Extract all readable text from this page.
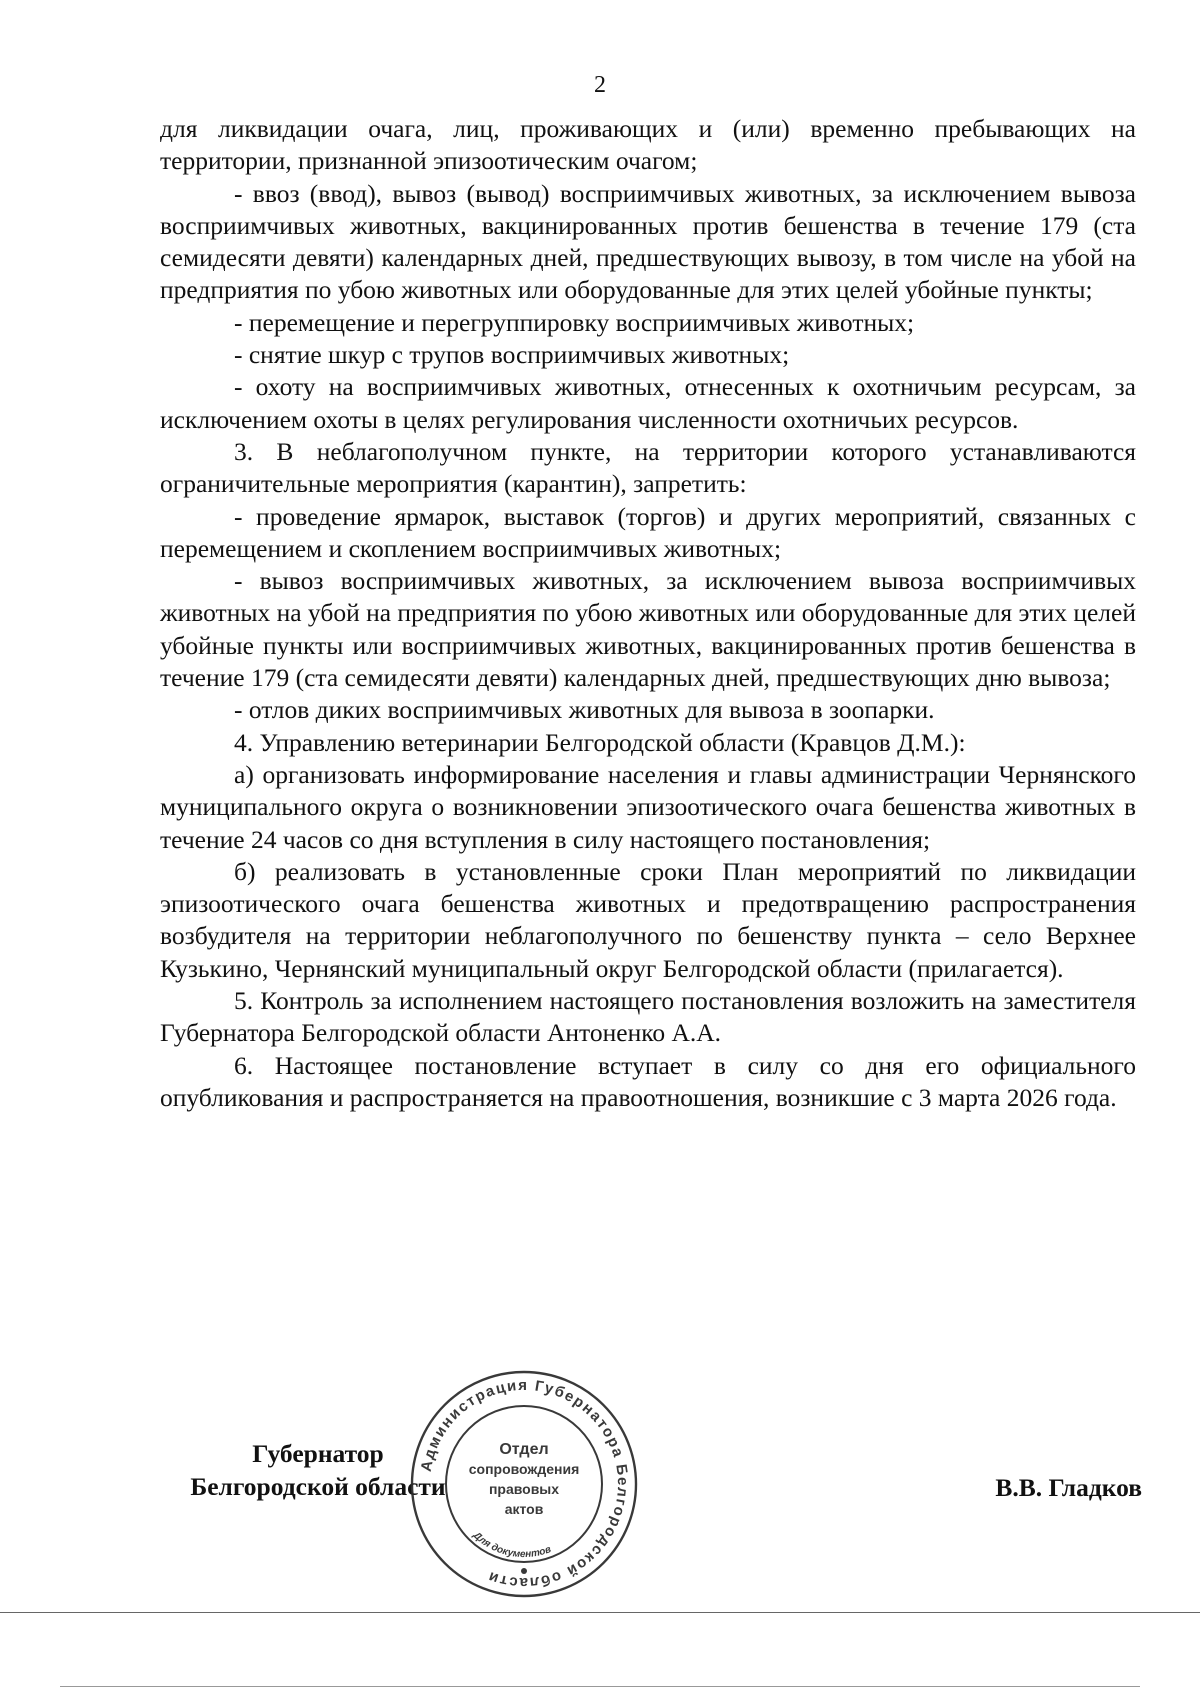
2

для ликвидации очага, лиц, проживающих и (или) временно пребывающих на территории, признанной эпизоотическим очагом;

- ввоз (ввод), вывоз (вывод) восприимчивых животных, за исключением вывоза восприимчивых животных, вакцинированных против бешенства в течение 179 (ста семидесяти девяти) календарных дней, предшествующих вывозу, в том числе на убой на предприятия по убою животных или оборудованные для этих целей убойные пункты;

- перемещение и перегруппировку восприимчивых животных;

- снятие шкур с трупов восприимчивых животных;

- охоту на восприимчивых животных, отнесенных к охотничьим ресурсам, за исключением охоты в целях регулирования численности охотничьих ресурсов.

3. В неблагополучном пункте, на территории которого устанавливаются ограничительные мероприятия (карантин), запретить:

- проведение ярмарок, выставок (торгов) и других мероприятий, связанных с перемещением и скоплением восприимчивых животных;

- вывоз восприимчивых животных, за исключением вывоза восприимчивых животных на убой на предприятия по убою животных или оборудованные для этих целей убойные пункты или восприимчивых животных, вакцинированных против бешенства в течение 179 (ста семидесяти девяти) календарных дней, предшествующих дню вывоза;

- отлов диких восприимчивых животных для вывоза в зоопарки.

4. Управлению ветеринарии Белгородской области (Кравцов Д.М.):

а) организовать информирование населения и главы администрации Чернянского муниципального округа о возникновении эпизоотического очага бешенства животных в течение 24 часов со дня вступления в силу настоящего постановления;

б) реализовать в установленные сроки План мероприятий по ликвидации эпизоотического очага бешенства животных и предотвращению распространения возбудителя на территории неблагополучного по бешенству пункта – село Верхнее Кузькино, Чернянский муниципальный округ Белгородской области (прилагается).

5. Контроль за исполнением настоящего постановления возложить на заместителя Губернатора Белгородской области Антоненко А.А.

6. Настоящее постановление вступает в силу со дня его официального опубликования и распространяется на правоотношения, возникшие с 3 марта 2026 года.

Губернатор
Белгородской области	В.В. Гладков
Администрация Губернатора Белгородской области
Для документов
Отдел
сопровождения
правовых
актов
